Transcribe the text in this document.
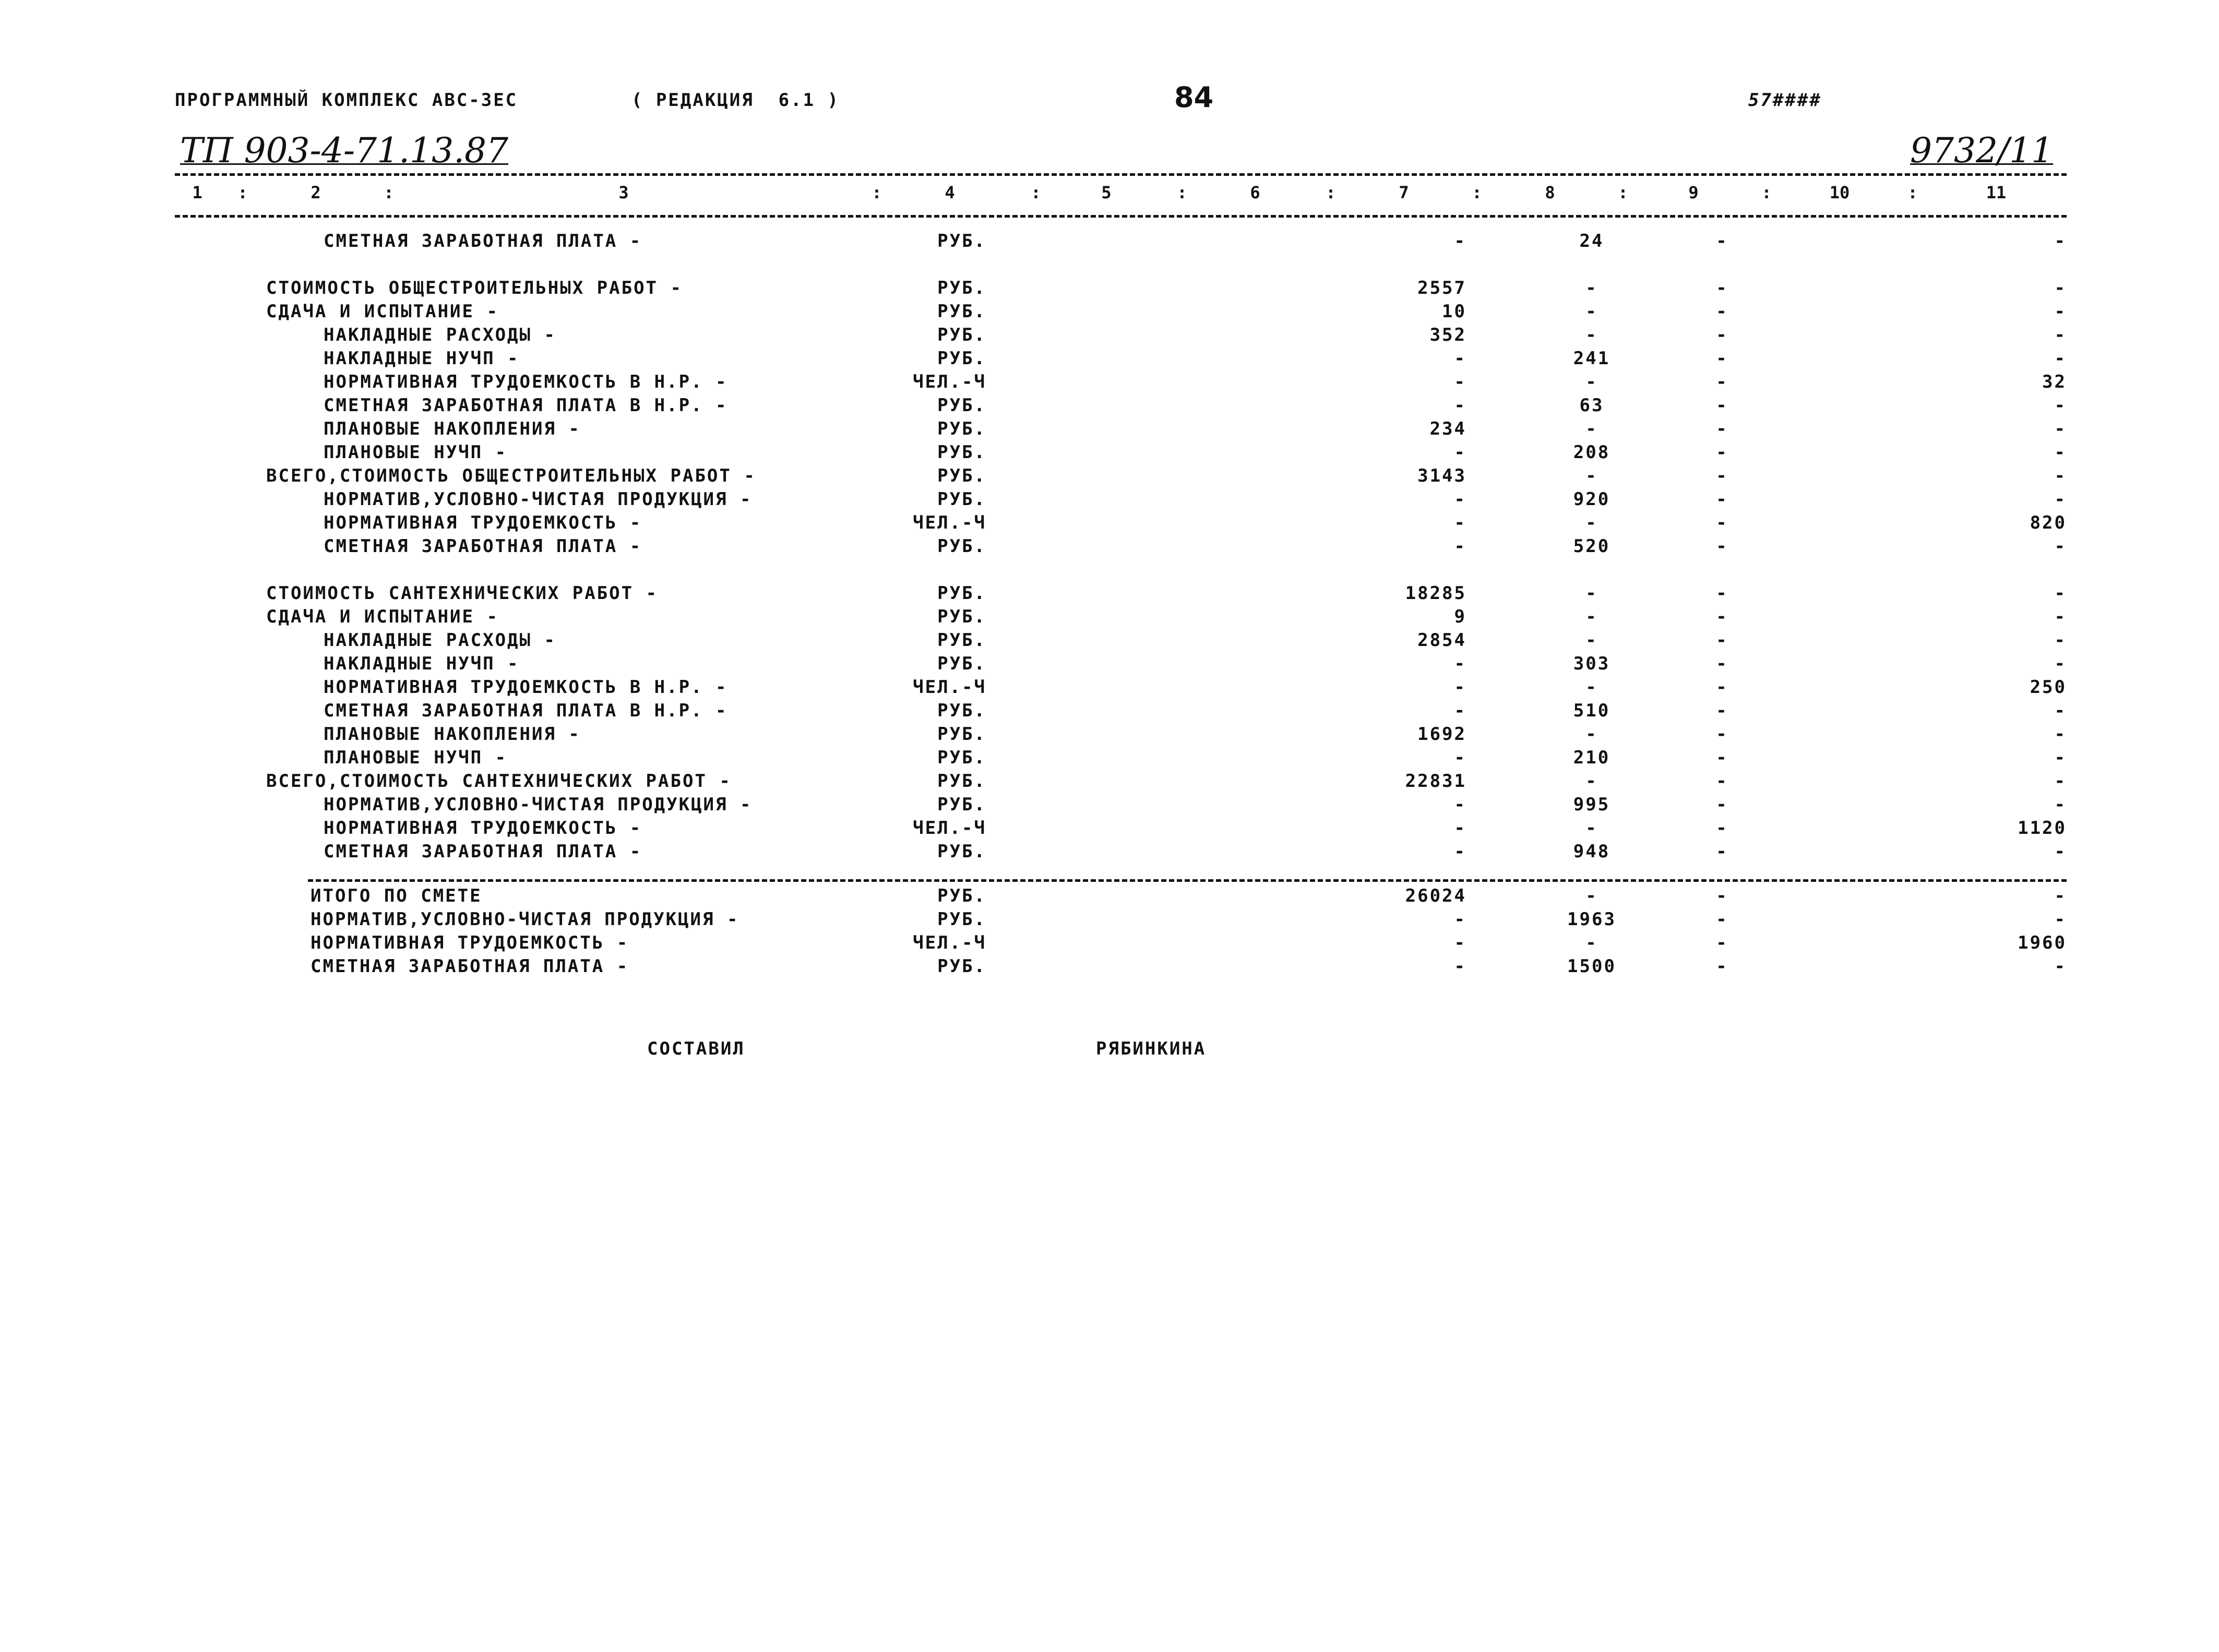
ПРОГРАММНЫЙ КОМПЛЕКС АВС-3ЕС	( РЕДАКЦИЯ  6.1 )	84	57####
ТП 903-4-71.13.87	9732/11
1 :	2	:	3	:	4	:	5	:	6	:	7	:	8	:	9	:	10	:	11
СМЕТНАЯ ЗАРАБОТНАЯ ПЛАТА -	РУБ.	-	24	-	-
СТОИМОСТЬ ОБЩЕСТРОИТЕЛЬНЫХ РАБОТ -	РУБ.	2557	-	-	-
СДАЧА И ИСПЫТАНИЕ -	РУБ.	10	-	-	-
НАКЛАДНЫЕ РАСХОДЫ -	РУБ.	352	-	-	-
НАКЛАДНЫЕ НУЧП -	РУБ.	-	241	-	-
НОРМАТИВНАЯ ТРУДОЕМКОСТЬ В Н.Р. -	ЧЕЛ.-Ч	-	-	-	32
СМЕТНАЯ ЗАРАБОТНАЯ ПЛАТА В Н.Р. -	РУБ.	-	63	-	-
ПЛАНОВЫЕ НАКОПЛЕНИЯ -	РУБ.	234	-	-	-
ПЛАНОВЫЕ НУЧП -	РУБ.	-	208	-	-
ВСЕГО,СТОИМОСТЬ ОБЩЕСТРОИТЕЛЬНЫХ РАБОТ -	РУБ.	3143	-	-	-
НОРМАТИВ,УСЛОВНО-ЧИСТАЯ ПРОДУКЦИЯ -	РУБ.	-	920	-	-
НОРМАТИВНАЯ ТРУДОЕМКОСТЬ -	ЧЕЛ.-Ч	-	-	-	820
СМЕТНАЯ ЗАРАБОТНАЯ ПЛАТА -	РУБ.	-	520	-	-
СТОИМОСТЬ САНТЕХНИЧЕСКИХ РАБОТ -	РУБ.	18285	-	-	-
СДАЧА И ИСПЫТАНИЕ -	РУБ.	9	-	-	-
НАКЛАДНЫЕ РАСХОДЫ -	РУБ.	2854	-	-	-
НАКЛАДНЫЕ НУЧП -	РУБ.	-	303	-	-
НОРМАТИВНАЯ ТРУДОЕМКОСТЬ В Н.Р. -	ЧЕЛ.-Ч	-	-	-	250
СМЕТНАЯ ЗАРАБОТНАЯ ПЛАТА В Н.Р. -	РУБ.	-	510	-	-
ПЛАНОВЫЕ НАКОПЛЕНИЯ -	РУБ.	1692	-	-	-
ПЛАНОВЫЕ НУЧП -	РУБ.	-	210	-	-
ВСЕГО,СТОИМОСТЬ САНТЕХНИЧЕСКИХ РАБОТ -	РУБ.	22831	-	-	-
НОРМАТИВ,УСЛОВНО-ЧИСТАЯ ПРОДУКЦИЯ -	РУБ.	-	995	-	-
НОРМАТИВНАЯ ТРУДОЕМКОСТЬ -	ЧЕЛ.-Ч	-	-	-	1120
СМЕТНАЯ ЗАРАБОТНАЯ ПЛАТА -	РУБ.	-	948	-	-
ИТОГО ПО СМЕТЕ	РУБ.	26024	-	-	-
НОРМАТИВ,УСЛОВНО-ЧИСТАЯ ПРОДУКЦИЯ -	РУБ.	-	1963	-	-
НОРМАТИВНАЯ ТРУДОЕМКОСТЬ -	ЧЕЛ.-Ч	-	-	-	1960
СМЕТНАЯ ЗАРАБОТНАЯ ПЛАТА -	РУБ.	-	1500	-	-
СОСТАВИЛ	РЯБИНКИНА
